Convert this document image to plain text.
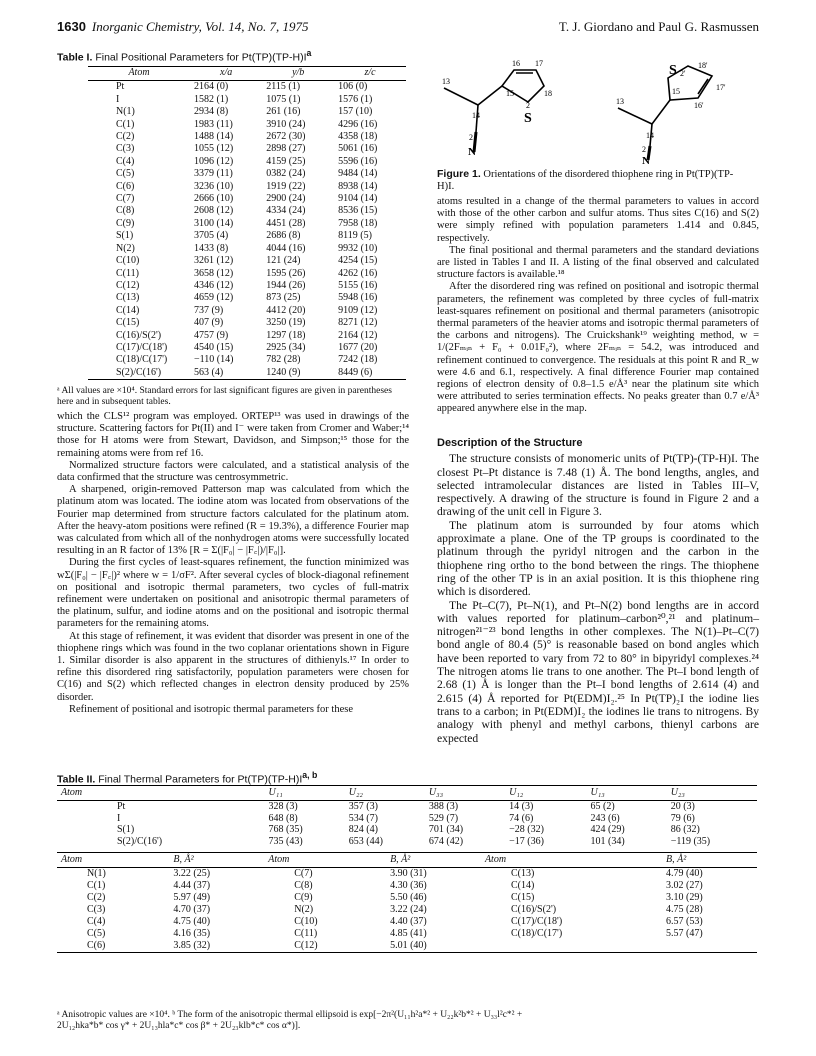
1630 Inorganic Chemistry, Vol. 14, No. 7, 1975	T. J. Giordano and Paul G. Rasmussen
Table I. Final Positional Parameters for $Pt(TP)(TP-H)I^a$
Atom	x/a	y/b	z/c
Pt	2164 (0)	2115 (1)	106 (0)
I	1582 (1)	1075 (1)	1576 (1)
N(1)	2934 (8)	261 (16)	157 (10)
C(1)	1983 (11)	3910 (24)	4296 (16)
C(2)	1488 (14)	2672 (30)	4358 (18)
C(3)	1055 (12)	2898 (27)	5061 (16)
C(4)	1096 (12)	4159 (25)	5596 (16)
C(5)	3379 (11)	0382 (24)	9484 (14)
C(6)	3236 (10)	1919 (22)	8938 (14)
C(7)	2666 (10)	2900 (24)	9104 (14)
C(8)	2608 (12)	4334 (24)	8536 (15)
C(9)	3100 (14)	4451 (28)	7958 (18)
S(1)	3705 (4)	2686 (8)	8119 (5)
N(2)	1433 (8)	4044 (16)	9932 (10)
C(10)	3261 (12)	121 (24)	4254 (15)
C(11)	3658 (12)	1595 (26)	4262 (16)
C(12)	4346 (12)	1944 (26)	5155 (16)
C(13)	4659 (12)	873 (25)	5948 (16)
C(14)	737 (9)	4412 (20)	9109 (12)
C(15)	407 (9)	3250 (19)	8271 (12)
C(16)/S(2')	4757 (9)	1297 (18)	2164 (12)
C(17)/C(18')	4540 (15)	2925 (34)	1677 (20)
C(18)/C(17')	−110 (14)	782 (28)	7242 (18)
S(2)/C(16')	563 (4)	1240 (9)	8449 (6)
ᵃ All values are ×10⁴. Standard errors for last significant figures are given in parentheses here and in subsequent tables.

which the CLS¹² program was employed. ORTEP¹³ was used in drawings of the structure. Scattering factors for Pt(II) and I⁻ were taken from Cromer and Waber;¹⁴ those for H atoms were from Stewart, Davidson, and Simpson;¹⁵ those for the remaining atoms were from ref 16.

Normalized structure factors were calculated, and a statistical analysis of the data confirmed that the structure was centrosymmetric.

A sharpened, origin-removed Patterson map was calculated from which the platinum atom was located. The iodine atom was located from observations of the Fourier map determined from structure factors calculated for the platinum atom. After the heavy-atom positions were refined (R = 19.3%), a difference Fourier map was calculated from which all of the nonhydrogen atoms were successfully located resulting in an R factor of 13% [R = Σ(|F₀| − |F꜀|)/|F₀|].

During the first cycles of least-squares refinement, the function minimized was wΣ(|F₀| − |F꜀|)² where w = 1/σF². After several cycles of block-diagonal refinement on positional and isotropic thermal parameters, two cycles of full-matrix refinement were undertaken on positional and anisotropic thermal parameters of the platinum, sulfur, and iodine atoms and on the positional and isotropic thermal parameters for the remaining atoms.

At this stage of refinement, it was evident that disorder was present in one of the thiophene rings which was found in the two coplanar orientations shown in Figure 1. Similar disorder is also apparent in the structures of dithienyls.¹⁷ In order to refine this disordered ring satisfactorily, population parameters were chosen for C(16) and S(2) which reflected changes in electron density produced by 25% disorder.

Refinement of positional and isotropic thermal parameters for these

13
14
2
N
16 17
15	18
2
S
S 2'
18'
15	17'
16'
13
14
2
N
Figure 1. Orientations of the disordered thiophene ring in Pt(TP)(TP-H)I.

atoms resulted in a change of the thermal parameters to values in accord with those of the other carbon and sulfur atoms. Thus sites C(16) and S(2) were simply refined with population parameters 1.414 and 0.845, respectively.

The final positional and thermal parameters and the standard deviations are listed in Tables I and II. A listing of the final observed and calculated structure factors is available.¹⁸

After the disordered ring was refined on positional and isotropic thermal parameters, the refinement was completed by three cycles of full-matrix least-squares refinement on positional and thermal parameters (anisotropic thermal parameters of the heavier atoms and isotropic thermal parameters of the carbons and nitrogens). The Cruickshank¹⁹ weighting method, w = 1/(2Fₘᵢₙ + F₀ + 0.01F₀²), where 2Fₘᵢₙ = 54.2, was introduced and refinement continued to convergence. The residuals at this point R and R_w were 4.6 and 6.1, respectively. A final difference Fourier map contained regions of electron density of 0.8–1.5 e/Å³ near the platinum site which were attributed to series termination effects. No peaks greater than 0.7 e/Å³ appeared anywhere else in the map.

Description of the Structure

The structure consists of monomeric units of Pt(TP)-(TP-H)I. The closest Pt–Pt distance is 7.48 (1) Å. The bond lengths, angles, and selected intramolecular distances are listed in Tables III–V, respectively. A drawing of the structure is found in Figure 2 and a drawing of the unit cell in Figure 3.

The platinum atom is surrounded by four atoms which approximate a plane. One of the TP groups is coordinated to the platinum through the pyridyl nitrogen and the carbon in the thiophene ring ortho to the bond between the rings. The thiophene ring of the other TP is in an axial position. It is this thiophene ring which is disordered.

The Pt–C(7), Pt–N(1), and Pt–N(2) bond lengths are in accord with values reported for platinum–carbon²⁰,²¹ and platinum–nitrogen²¹⁻²³ bond lengths in other complexes. The N(1)–Pt–C(7) bond angle of 80.4 (5)° is reasonable based on bond angles which have been reported to vary from 72 to 80° in bipyridyl complexes.²⁴ The nitrogen atoms lie trans to one another. The Pt–I bond length of 2.68 (1) Å is longer than the Pt–I bond lengths of 2.614 (4) and 2.615 (4) Å reported for Pt(EDM)I₂.²⁵ In Pt(TP)₂I the iodine lies trans to a carbon; in Pt(EDM)I₂ the iodines lie trans to nitrogens. By analogy with phenyl and methyl carbons, thienyl carbons are expected

Table II. Final Thermal Parameters for $Pt(TP)(TP-H)I^{a, b}$
Atom	U₁₁	U₂₂	U₃₃	U₁₂	U₁₃	U₂₃
Pt	328 (3)	357 (3)	388 (3)	14 (3)	65 (2)	20 (3)
I	648 (8)	534 (7)	529 (7)	74 (6)	243 (6)	79 (6)
S(1)	768 (35)	824 (4)	701 (34)	−28 (32)	424 (29)	86 (32)
S(2)/C(16')	735 (43)	653 (44)	674 (42)	−17 (36)	101 (34)	−119 (35)
Atom	B, Å²	Atom	B, Å²	Atom	B, Å²
N(1)	3.22 (25)	C(7)	3.90 (31)	C(13)	4.79 (40)
C(1)	4.44 (37)	C(8)	4.30 (36)	C(14)	3.02 (27)
C(2)	5.97 (49)	C(9)	5.50 (46)	C(15)	3.10 (29)
C(3)	4.70 (37)	N(2)	3.22 (24)	C(16)/S(2')	4.75 (28)
C(4)	4.75 (40)	C(10)	4.40 (37)	C(17)/C(18')	6.57 (53)
C(5)	4.16 (35)	C(11)	4.85 (41)	C(18)/C(17')	5.57 (47)
C(6)	3.85 (32)	C(12)	5.01 (40)		
ᵃ Anisotropic values are ×10⁴. ᵇ The form of the anisotropic thermal ellipsoid is exp[−2π²(U₁₁h²a*² + U₂₂k²b*² + U₃₃l²c*² +
2U₁₂hka*b* cos γ* + 2U₁₃hla*c* cos β* + 2U₂₃klb*c* cos α*)].
